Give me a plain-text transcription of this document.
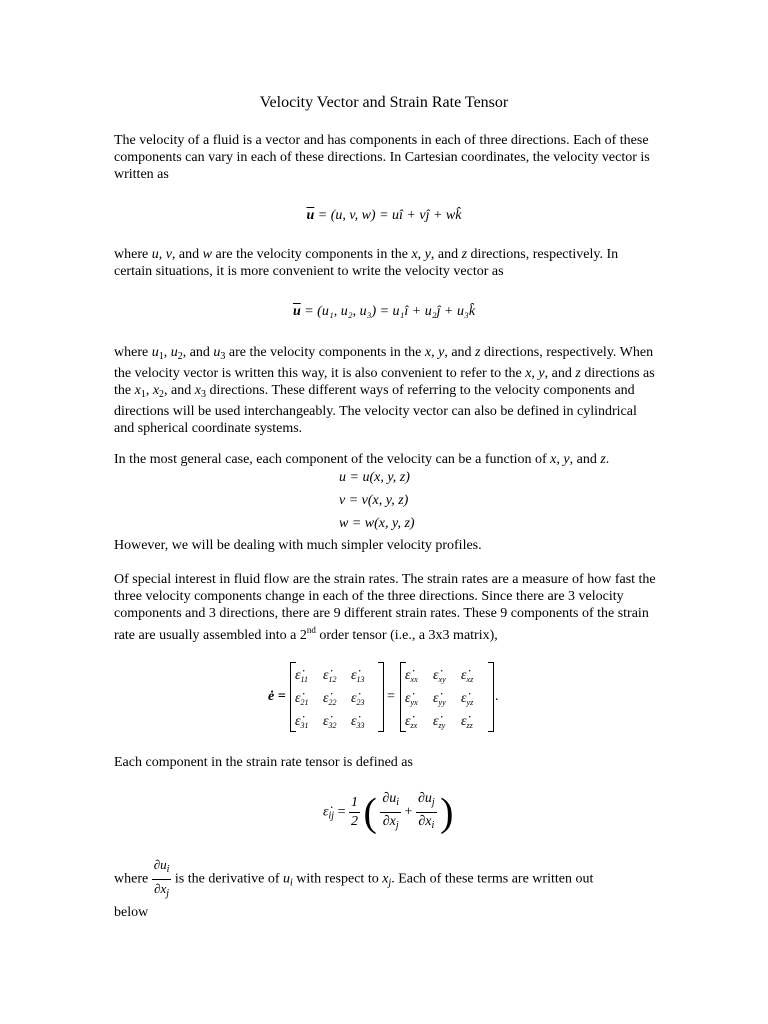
Velocity Vector and Strain Rate Tensor

The velocity of a fluid is a vector and has components in each of three directions. Each of these components can vary in each of these directions. In Cartesian coordinates, the velocity vector is written as

$\overline{u} = (u$, v, w) = uî + vĵ + wk̂

where u, v, and w are the velocity components in the x, y, and z directions, respectively. In certain situations, it is more convenient to write the velocity vector as

$\overline{u} = (u_1$, u₂, u₃) = u₁î + u₂ĵ + u₃k̂

where $u_1$, $u_2$, and $u_3$ are the velocity components in the x, y, and z directions, respectively. When the velocity vector is written this way, it is also convenient to refer to the x, y, and z directions as the $x_1$, $x_2$, and $x_3$ directions. These different ways of referring to the velocity components and directions will be used interchangeably. The velocity vector can also be defined in cylindrical and spherical coordinate systems.

In the most general case, each component of the velocity can be a function of x, y, and z.

u = u(x, y, z)
v = v(x, y, z)
w = w(x, y, z)

However, we will be dealing with much simpler velocity profiles.

Of special interest in fluid flow are the strain rates. The strain rates are a measure of how fast the three velocity components change in each of the three directions. Since there are 3 velocity components and 3 directions, there are 9 different strain rates. These 9 components of the strain rate are usually assembled into a 2nd order tensor (i.e., a 3x3 matrix),

ė =
$\varepsiloṅ_{11}$	$\varepsiloṅ_{12}$	$\varepsiloṅ_{13}$
$\varepsiloṅ_{21}$	$\varepsiloṅ_{22}$	$\varepsiloṅ_{23}$
$\varepsiloṅ_{31}$	$\varepsiloṅ_{32}$	$\varepsiloṅ_{33}$
=
$\varepsiloṅ_{xx}$	$\varepsiloṅ_{xy}$	$\varepsiloṅ_{xz}$
$\varepsiloṅ_{yx}$	$\varepsiloṅ_{yy}$	$\varepsiloṅ_{yz}$
$\varepsiloṅ_{zx}$	$\varepsiloṅ_{zy}$	$\varepsiloṅ_{zz}$
.

Each component in the strain rate tensor is defined as

$\varepsiloṅ_{ij} = \frac{1}{2}$ ( $\frac{\partial u_i}{\partial x_j} + \frac{\partial u_j}{\partial x_i}$ )
where $\frac{\partial u_i}{\partial x_j}$ is the derivative of $u_i$ with respect to $x_j$. Each of these terms are written out

below
